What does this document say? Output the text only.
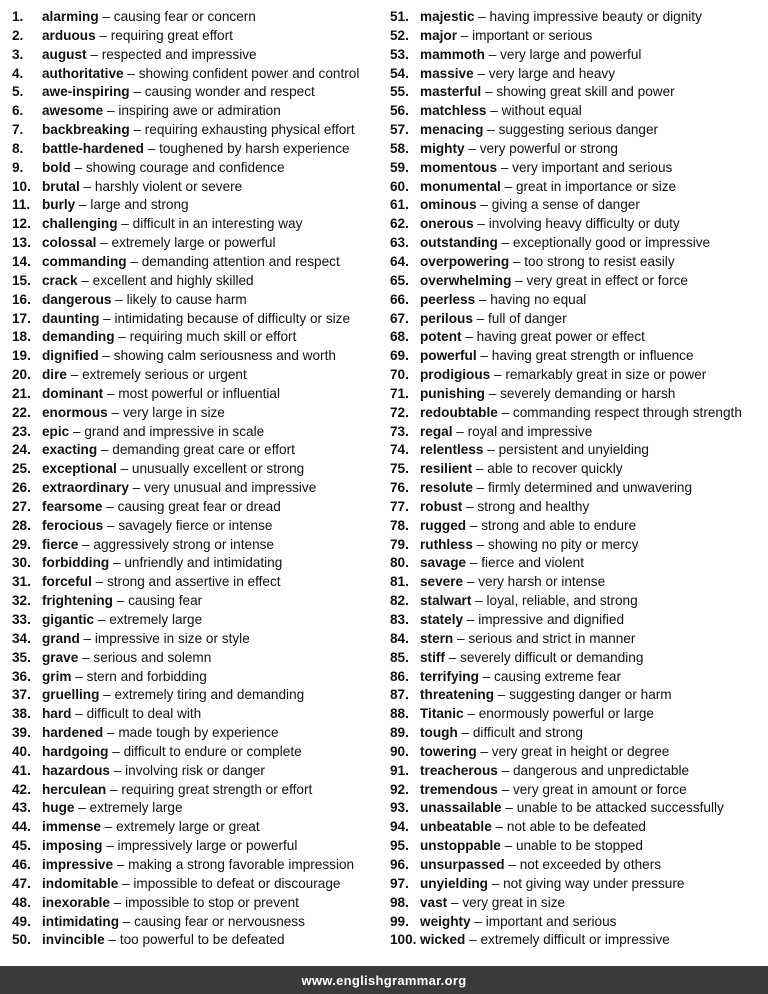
1.	alarming – causing fear or concern
2.	arduous – requiring great effort
3.	august – respected and impressive
4.	authoritative – showing confident power and control
5.	awe-inspiring – causing wonder and respect
6.	awesome – inspiring awe or admiration
7.	backbreaking – requiring exhausting physical effort
8.	battle-hardened – toughened by harsh experience
9.	bold – showing courage and confidence
10. brutal – harshly violent or severe
11. burly – large and strong
12. challenging – difficult in an interesting way
13. colossal – extremely large or powerful
14. commanding – demanding attention and respect
15. crack – excellent and highly skilled
16. dangerous – likely to cause harm
17. daunting – intimidating because of difficulty or size
18. demanding – requiring much skill or effort
19. dignified – showing calm seriousness and worth
20. dire – extremely serious or urgent
21. dominant – most powerful or influential
22. enormous – very large in size
23. epic – grand and impressive in scale
24. exacting – demanding great care or effort
25. exceptional – unusually excellent or strong
26. extraordinary – very unusual and impressive
27. fearsome – causing great fear or dread
28. ferocious – savagely fierce or intense
29. fierce – aggressively strong or intense
30. forbidding – unfriendly and intimidating
31. forceful – strong and assertive in effect
32. frightening – causing fear
33. gigantic – extremely large
34. grand – impressive in size or style
35. grave – serious and solemn
36. grim – stern and forbidding
37. gruelling – extremely tiring and demanding
38. hard – difficult to deal with
39. hardened – made tough by experience
40. hardgoing – difficult to endure or complete
41. hazardous – involving risk or danger
42. herculean – requiring great strength or effort
43. huge – extremely large
44. immense – extremely large or great
45. imposing – impressively large or powerful
46. impressive – making a strong favorable impression
47. indomitable – impossible to defeat or discourage
48. inexorable – impossible to stop or prevent
49. intimidating – causing fear or nervousness
50. invincible – too powerful to be defeated
51. majestic – having impressive beauty or dignity
52. major – important or serious
53. mammoth – very large and powerful
54. massive – very large and heavy
55. masterful – showing great skill and power
56. matchless – without equal
57. menacing – suggesting serious danger
58. mighty – very powerful or strong
59. momentous – very important and serious
60. monumental – great in importance or size
61. ominous – giving a sense of danger
62. onerous – involving heavy difficulty or duty
63. outstanding – exceptionally good or impressive
64. overpowering – too strong to resist easily
65. overwhelming – very great in effect or force
66. peerless – having no equal
67. perilous – full of danger
68. potent – having great power or effect
69. powerful – having great strength or influence
70. prodigious – remarkably great in size or power
71. punishing – severely demanding or harsh
72. redoubtable – commanding respect through strength
73. regal – royal and impressive
74. relentless – persistent and unyielding
75. resilient – able to recover quickly
76. resolute – firmly determined and unwavering
77. robust – strong and healthy
78. rugged – strong and able to endure
79. ruthless – showing no pity or mercy
80. savage – fierce and violent
81. severe – very harsh or intense
82. stalwart – loyal, reliable, and strong
83. stately – impressive and dignified
84. stern – serious and strict in manner
85. stiff – severely difficult or demanding
86. terrifying – causing extreme fear
87. threatening – suggesting danger or harm
88. Titanic – enormously powerful or large
89. tough – difficult and strong
90. towering – very great in height or degree
91. treacherous – dangerous and unpredictable
92. tremendous – very great in amount or force
93. unassailable – unable to be attacked successfully
94. unbeatable – not able to be defeated
95. unstoppable – unable to be stopped
96. unsurpassed – not exceeded by others
97. unyielding – not giving way under pressure
98. vast – very great in size
99. weighty – important and serious
100. wicked – extremely difficult or impressive
www.englishgrammar.org
